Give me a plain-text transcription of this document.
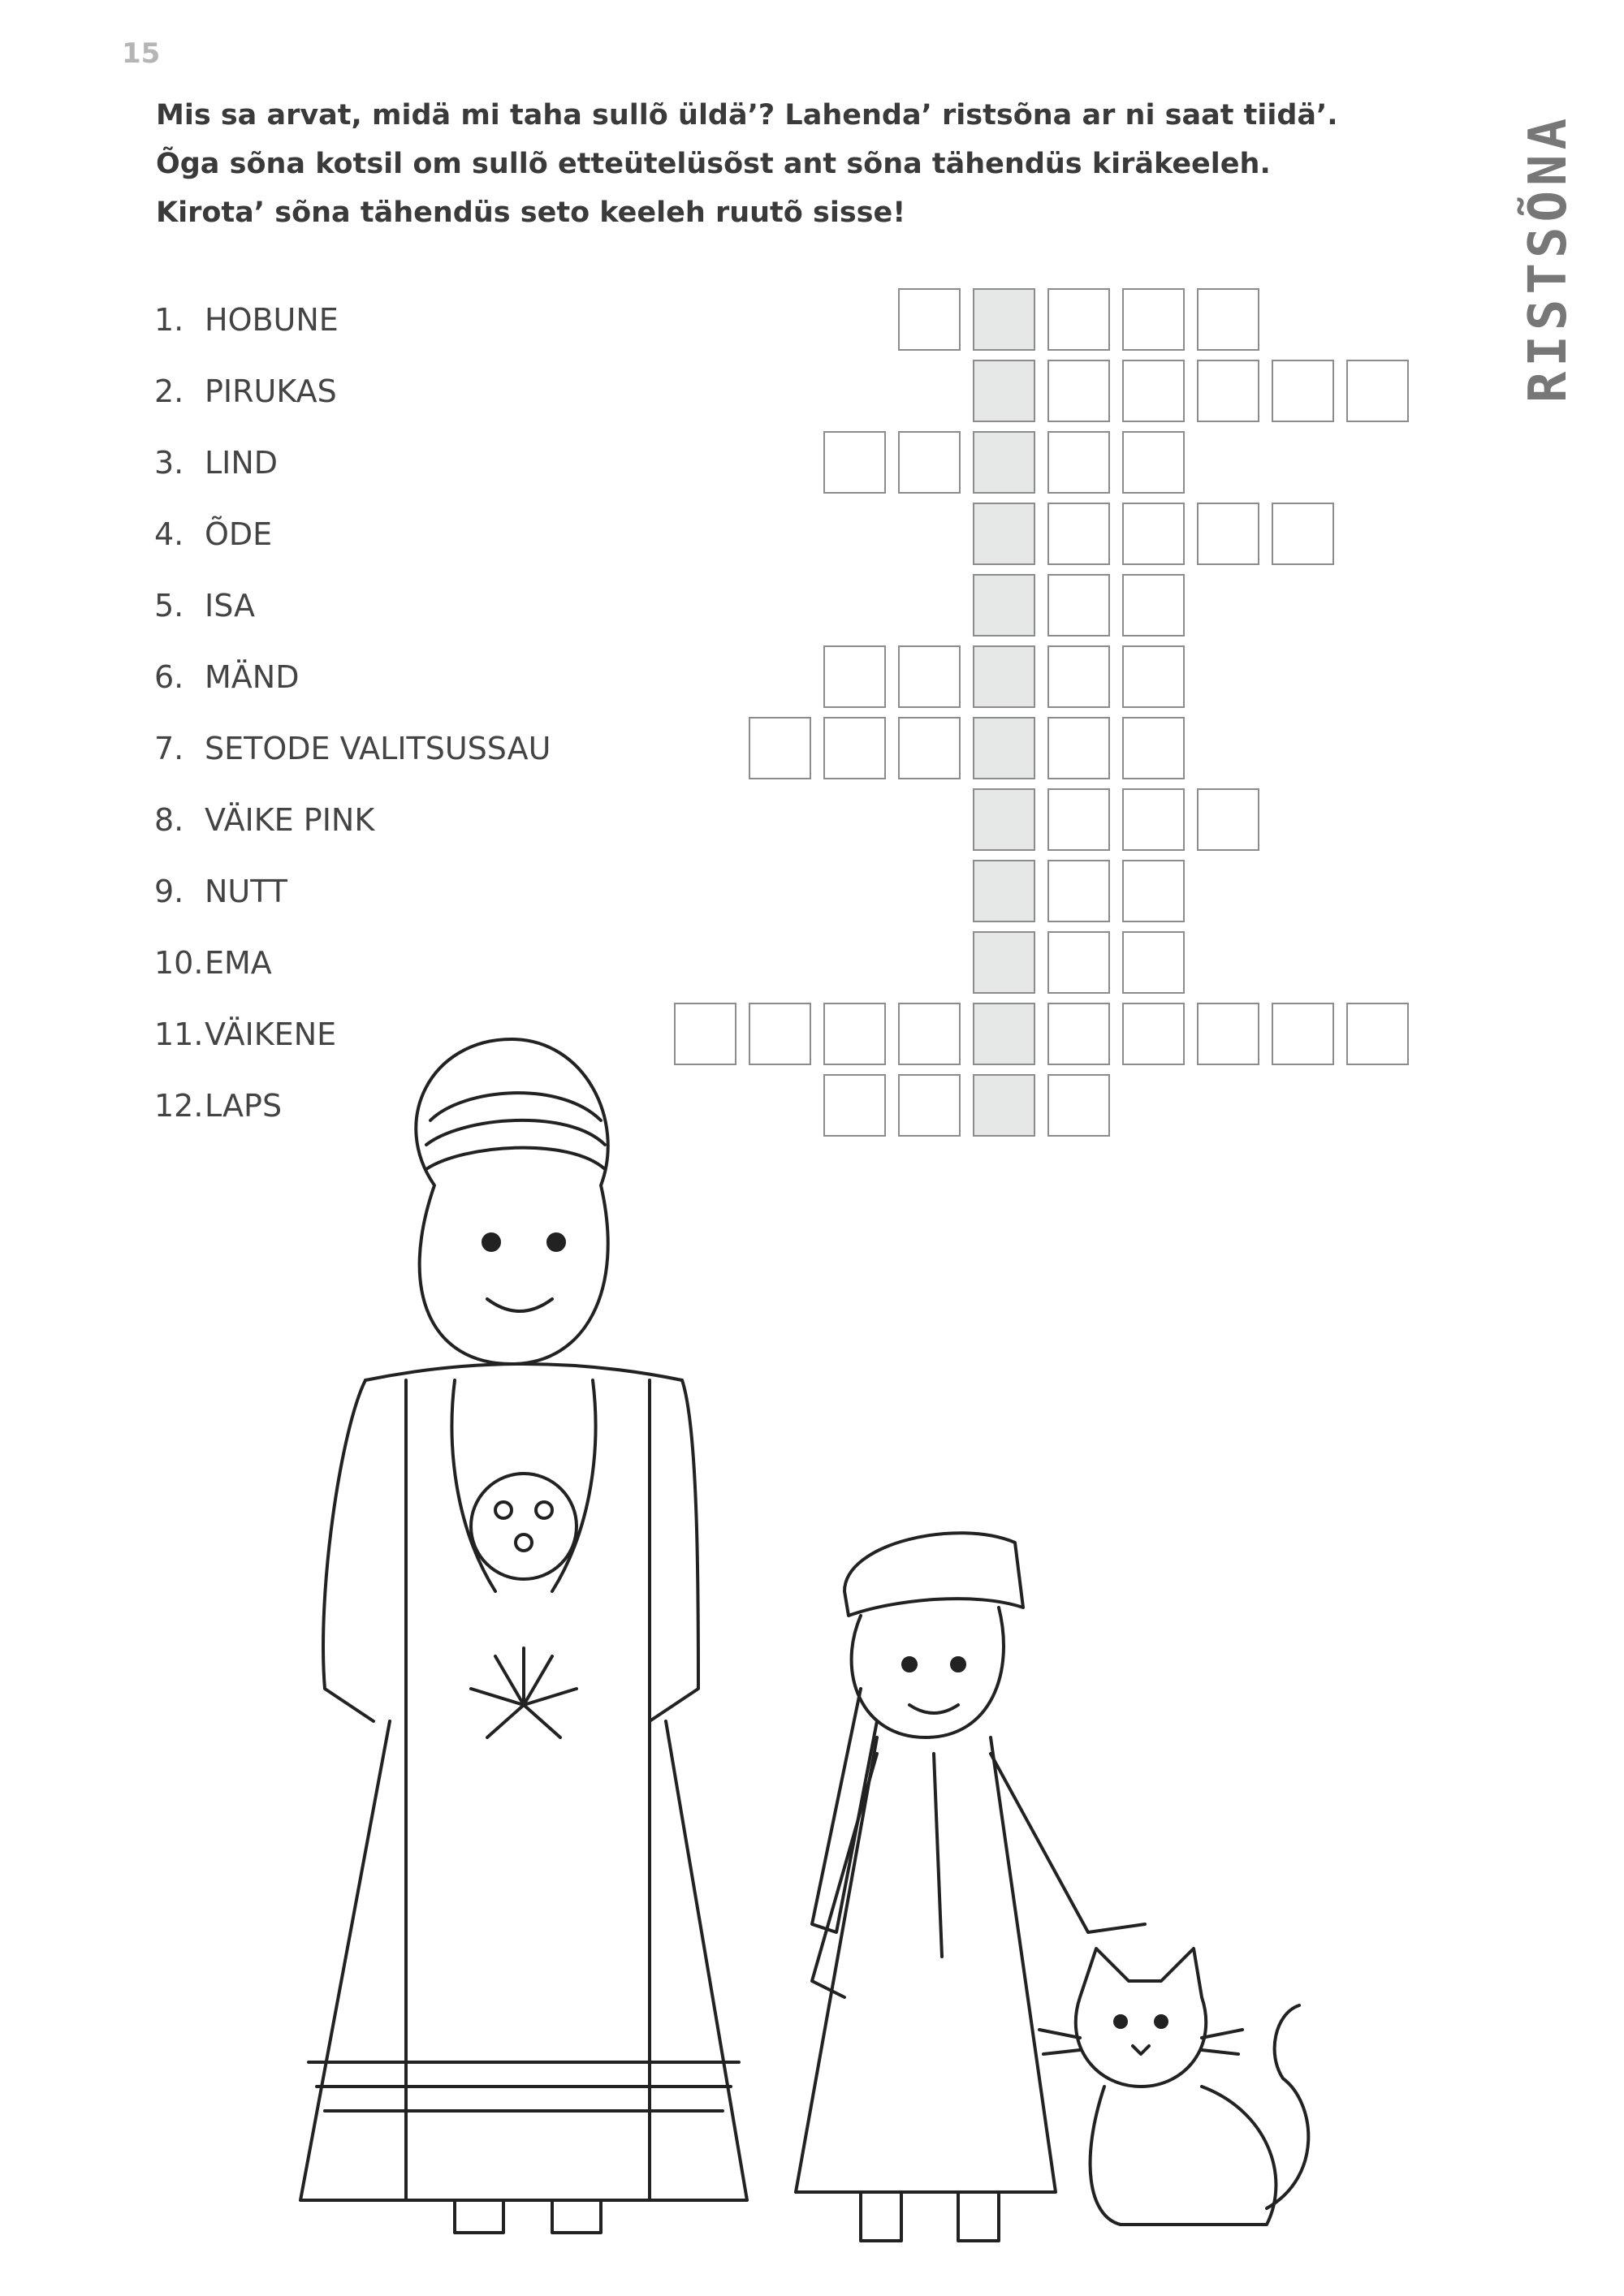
15
Mis sa arvat, midä mi taha sullõ üldä’? Lahenda’ ristsõna ar ni saat tiidä’.
Õga sõna kotsil om sullõ etteütelüsõst ant sõna tähendüs kiräkeeleh.
Kirota’ sõna tähendüs seto keeleh ruutõ sisse!	RISTSÕNA
1. HOBUNE
2. PIRUKAS
3. LIND
4. ÕDE
5. ISA
6. MÄND
7. SETODE VALITSUSSAU
8. VÄIKE PINK
9. NUTT
10. EMA
11. VÄIKENE
12. LAPS
